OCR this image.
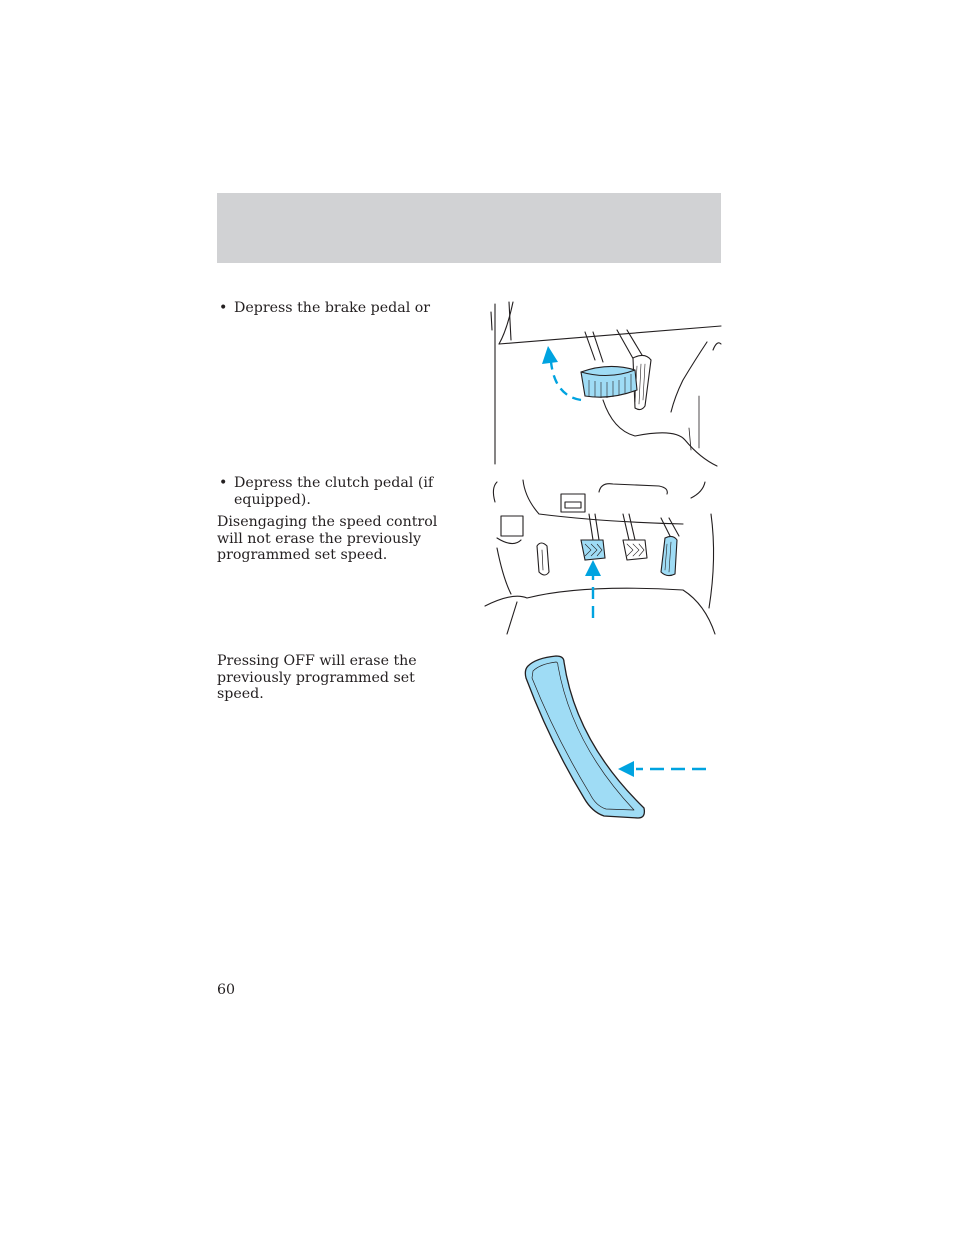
• Depress the brake pedal or
• Depress the clutch pedal (if equipped).

Disengaging the speed control will not erase the previously programmed set speed.

Pressing OFF will erase the previously programmed set speed.

60
